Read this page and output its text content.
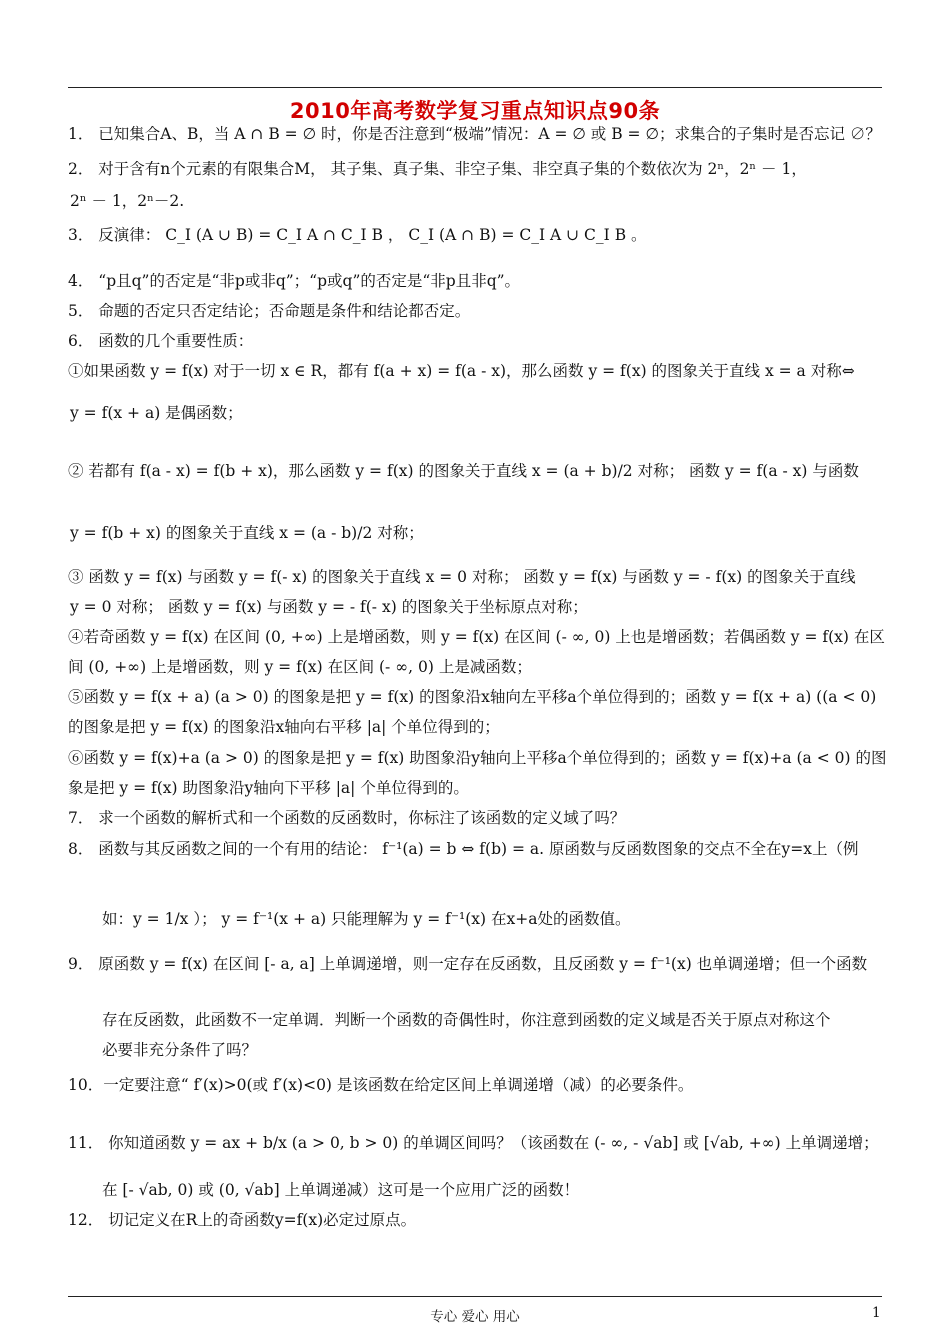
2010年高考数学复习重点知识点90条
1． 已知集合A、B，当 A ∩ B = ∅ 时，你是否注意到“极端”情况：A = ∅ 或 B = ∅；求集合的子集时是否忘记 ∅？
2． 对于含有n个元素的有限集合M， 其子集、真子集、非空子集、非空真子集的个数依次为 2ⁿ，2ⁿ － 1，
2ⁿ － 1，2ⁿ－2.
3． 反演律： C_I (A ∪ B) = C_I A ∩ C_I B ， C_I (A ∩ B) = C_I A ∪ C_I B 。
4． “p且q”的否定是“非p或非q”；“p或q”的否定是“非p且非q”。
5． 命题的否定只否定结论；否命题是条件和结论都否定。
6． 函数的几个重要性质：
①如果函数 y = f(x) 对于一切 x ∈ R，都有 f(a + x) = f(a - x)，那么函数 y = f(x) 的图象关于直线 x = a 对称⇔
y = f(x + a) 是偶函数；
② 若都有 f(a - x) = f(b + x)，那么函数 y = f(x) 的图象关于直线 x = (a + b)/2 对称； 函数 y = f(a - x) 与函数
y = f(b + x) 的图象关于直线 x = (a - b)/2 对称；
③ 函数 y = f(x) 与函数 y = f(- x) 的图象关于直线 x = 0 对称； 函数 y = f(x) 与函数 y = - f(x) 的图象关于直线
y = 0 对称； 函数 y = f(x) 与函数 y = - f(- x) 的图象关于坐标原点对称；
④若奇函数 y = f(x) 在区间 (0, +∞) 上是增函数，则 y = f(x) 在区间 (- ∞, 0) 上也是增函数；若偶函数 y = f(x) 在区
间 (0, +∞) 上是增函数，则 y = f(x) 在区间 (- ∞, 0) 上是减函数；
⑤函数 y = f(x + a) (a > 0) 的图象是把 y = f(x) 的图象沿x轴向左平移a个单位得到的；函数 y = f(x + a) ((a < 0)
的图象是把 y = f(x) 的图象沿x轴向右平移 |a| 个单位得到的；
⑥函数 y = f(x)+a (a > 0) 的图象是把 y = f(x) 助图象沿y轴向上平移a个单位得到的；函数 y = f(x)+a (a < 0) 的图
象是把 y = f(x) 助图象沿y轴向下平移 |a| 个单位得到的。
7． 求一个函数的解析式和一个函数的反函数时，你标注了该函数的定义域了吗？
8． 函数与其反函数之间的一个有用的结论： f⁻¹(a) = b ⇔ f(b) = a. 原函数与反函数图象的交点不全在y=x上（例
如：y = 1/x ）； y = f⁻¹(x + a) 只能理解为 y = f⁻¹(x) 在x+a处的函数值。
9． 原函数 y = f(x) 在区间 [- a, a] 上单调递增，则一定存在反函数，且反函数 y = f⁻¹(x) 也单调递增；但一个函数
存在反函数，此函数不一定单调．判断一个函数的奇偶性时，你注意到函数的定义域是否关于原点对称这个
必要非充分条件了吗？
10．一定要注意“ f′(x)>0(或 f′(x)<0) 是该函数在给定区间上单调递增（减）的必要条件。
11． 你知道函数 y = ax + b/x (a > 0, b > 0) 的单调区间吗？（该函数在 (- ∞, - √ab] 或 [√ab, +∞) 上单调递增；
在 [- √ab, 0) 或 (0, √ab] 上单调递减）这可是一个应用广泛的函数！
12． 切记定义在R上的奇函数y=f(x)必定过原点。
专心 爱心 用心	1
